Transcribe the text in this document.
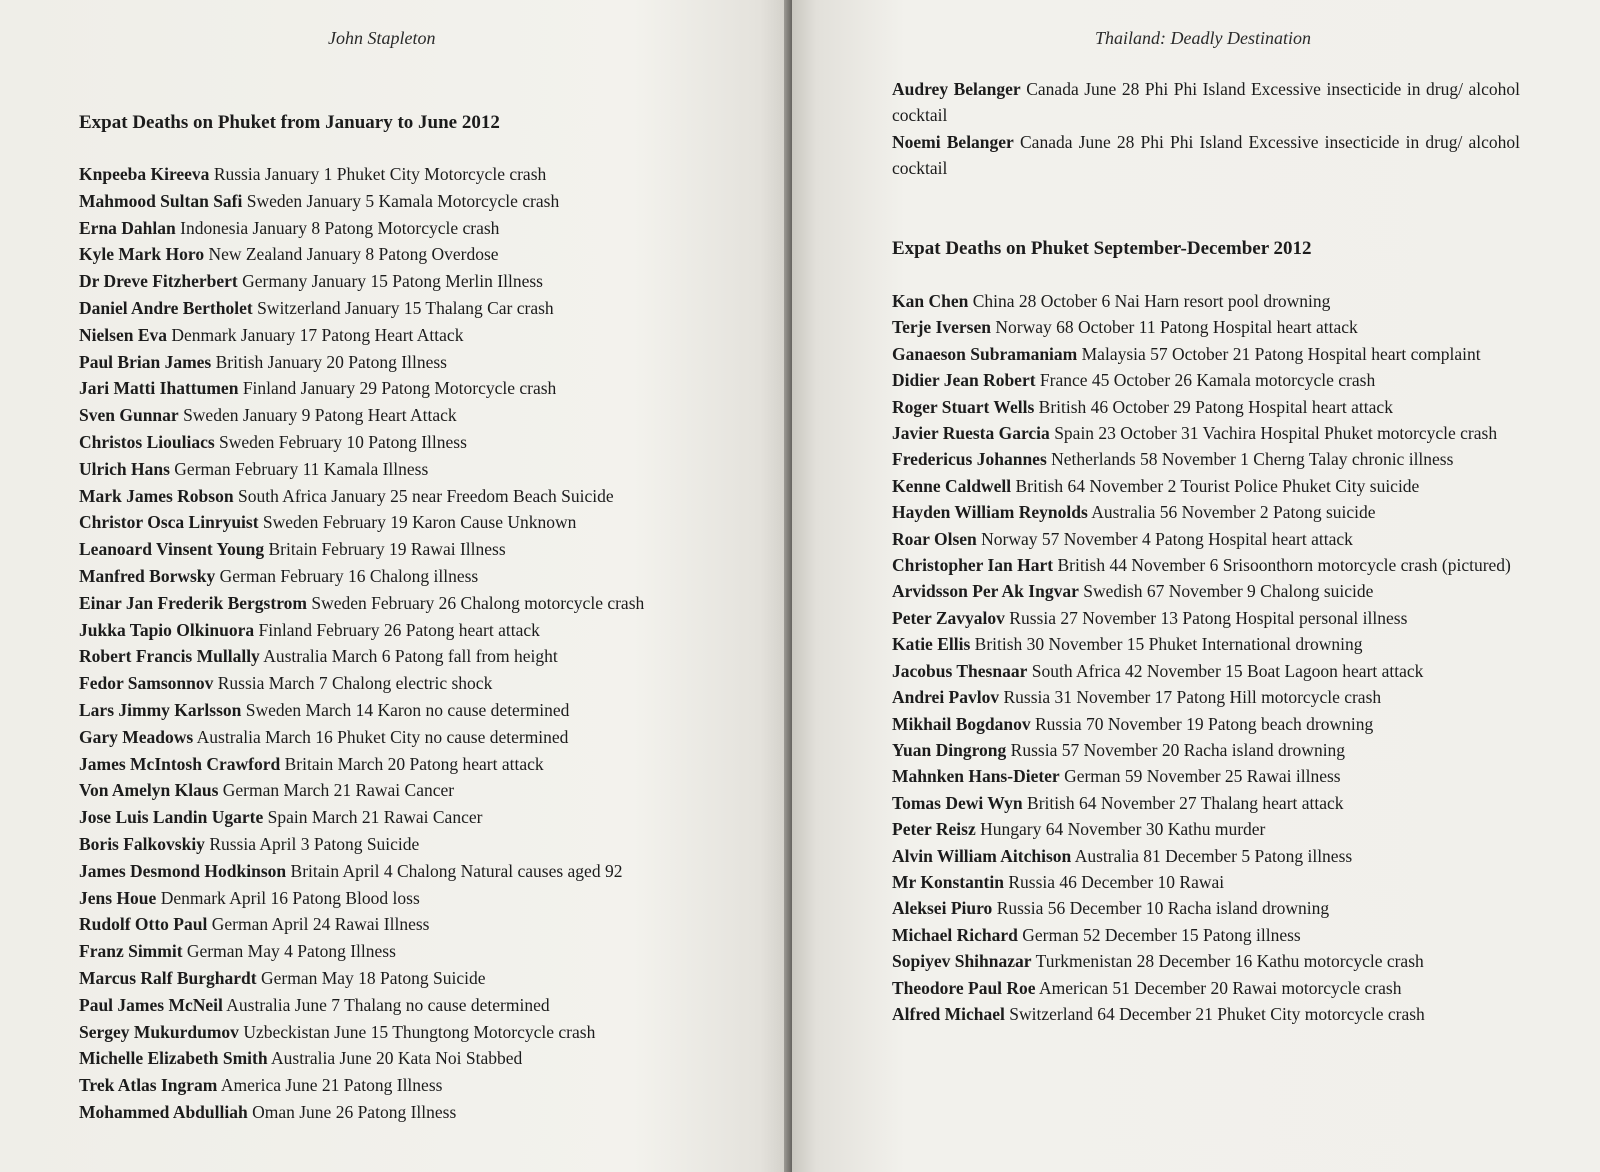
John Stapleton
Expat Deaths on Phuket from January to June 2012
Knpeeba Kireeva Russia January 1 Phuket City Motorcycle crash
Mahmood Sultan Safi Sweden January 5 Kamala Motorcycle crash
Erna Dahlan Indonesia January 8 Patong Motorcycle crash
Kyle Mark Horo New Zealand January 8 Patong Overdose
Dr Dreve Fitzherbert Germany January 15 Patong Merlin Illness
Daniel Andre Bertholet Switzerland January 15 Thalang Car crash
Nielsen Eva Denmark January 17 Patong Heart Attack
Paul Brian James British January 20 Patong Illness
Jari Matti Ihattumen Finland January 29 Patong Motorcycle crash
Sven Gunnar Sweden January 9 Patong Heart Attack
Christos Liouliacs Sweden February 10 Patong Illness
Ulrich Hans German February 11 Kamala Illness
Mark James Robson South Africa January 25 near Freedom Beach Suicide
Christor Osca Linryuist Sweden February 19 Karon Cause Unknown
Leanoard Vinsent Young Britain February 19 Rawai Illness
Manfred Borwsky German February 16 Chalong illness
Einar Jan Frederik Bergstrom Sweden February 26 Chalong motorcycle crash
Jukka Tapio Olkinuora Finland February 26 Patong heart attack
Robert Francis Mullally Australia March 6 Patong fall from height
Fedor Samsonnov Russia March 7 Chalong electric shock
Lars Jimmy Karlsson Sweden March 14 Karon no cause determined
Gary Meadows Australia March 16 Phuket City no cause determined
James McIntosh Crawford Britain March 20 Patong heart attack
Von Amelyn Klaus German March 21 Rawai Cancer
Jose Luis Landin Ugarte Spain March 21 Rawai Cancer
Boris Falkovskiy Russia April 3 Patong Suicide
James Desmond Hodkinson Britain April 4 Chalong Natural causes aged 92
Jens Houe Denmark April 16 Patong Blood loss
Rudolf Otto Paul German April 24 Rawai Illness
Franz Simmit German May 4 Patong Illness
Marcus Ralf Burghardt German May 18 Patong Suicide
Paul James McNeil Australia June 7 Thalang no cause determined
Sergey Mukurdumov Uzbeckistan June 15 Thungtong Motorcycle crash
Michelle Elizabeth Smith Australia June 20 Kata Noi Stabbed
Trek Atlas Ingram America June 21 Patong Illness
Mohammed Abdulliah Oman June 26 Patong Illness
Thailand: Deadly Destination
Audrey Belanger Canada June 28 Phi Phi Island Excessive insecticide in drug/ alcohol cocktail
Noemi Belanger Canada June 28 Phi Phi Island Excessive insecticide in drug/ alcohol cocktail
Expat Deaths on Phuket September-December 2012
Kan Chen China 28 October 6 Nai Harn resort pool drowning
Terje Iversen Norway 68 October 11 Patong Hospital heart attack
Ganaeson Subramaniam Malaysia 57 October 21 Patong Hospital heart complaint
Didier Jean Robert France 45 October 26 Kamala motorcycle crash
Roger Stuart Wells British 46 October 29 Patong Hospital heart attack
Javier Ruesta Garcia Spain 23 October 31 Vachira Hospital Phuket motorcycle crash
Fredericus Johannes Netherlands 58 November 1 Cherng Talay chronic illness
Kenne Caldwell British 64 November 2 Tourist Police Phuket City suicide
Hayden William Reynolds Australia 56 November 2 Patong suicide
Roar Olsen Norway 57 November 4 Patong Hospital heart attack
Christopher Ian Hart British 44 November 6 Srisoonthorn motorcycle crash (pictured)
Arvidsson Per Ak Ingvar Swedish 67 November 9 Chalong suicide
Peter Zavyalov Russia 27 November 13 Patong Hospital personal illness
Katie Ellis British 30 November 15 Phuket International drowning
Jacobus Thesnaar South Africa 42 November 15 Boat Lagoon heart attack
Andrei Pavlov Russia 31 November 17 Patong Hill motorcycle crash
Mikhail Bogdanov Russia 70 November 19 Patong beach drowning
Yuan Dingrong Russia 57 November 20 Racha island drowning
Mahnken Hans-Dieter German 59 November 25 Rawai illness
Tomas Dewi Wyn British 64 November 27 Thalang heart attack
Peter Reisz Hungary 64 November 30 Kathu murder
Alvin William Aitchison Australia 81 December 5 Patong illness
Mr Konstantin Russia 46 December 10 Rawai
Aleksei Piuro Russia 56 December 10 Racha island drowning
Michael Richard German 52 December 15 Patong illness
Sopiyev Shihnazar Turkmenistan 28 December 16 Kathu motorcycle crash
Theodore Paul Roe American 51 December 20 Rawai motorcycle crash
Alfred Michael Switzerland 64 December 21 Phuket City motorcycle crash
